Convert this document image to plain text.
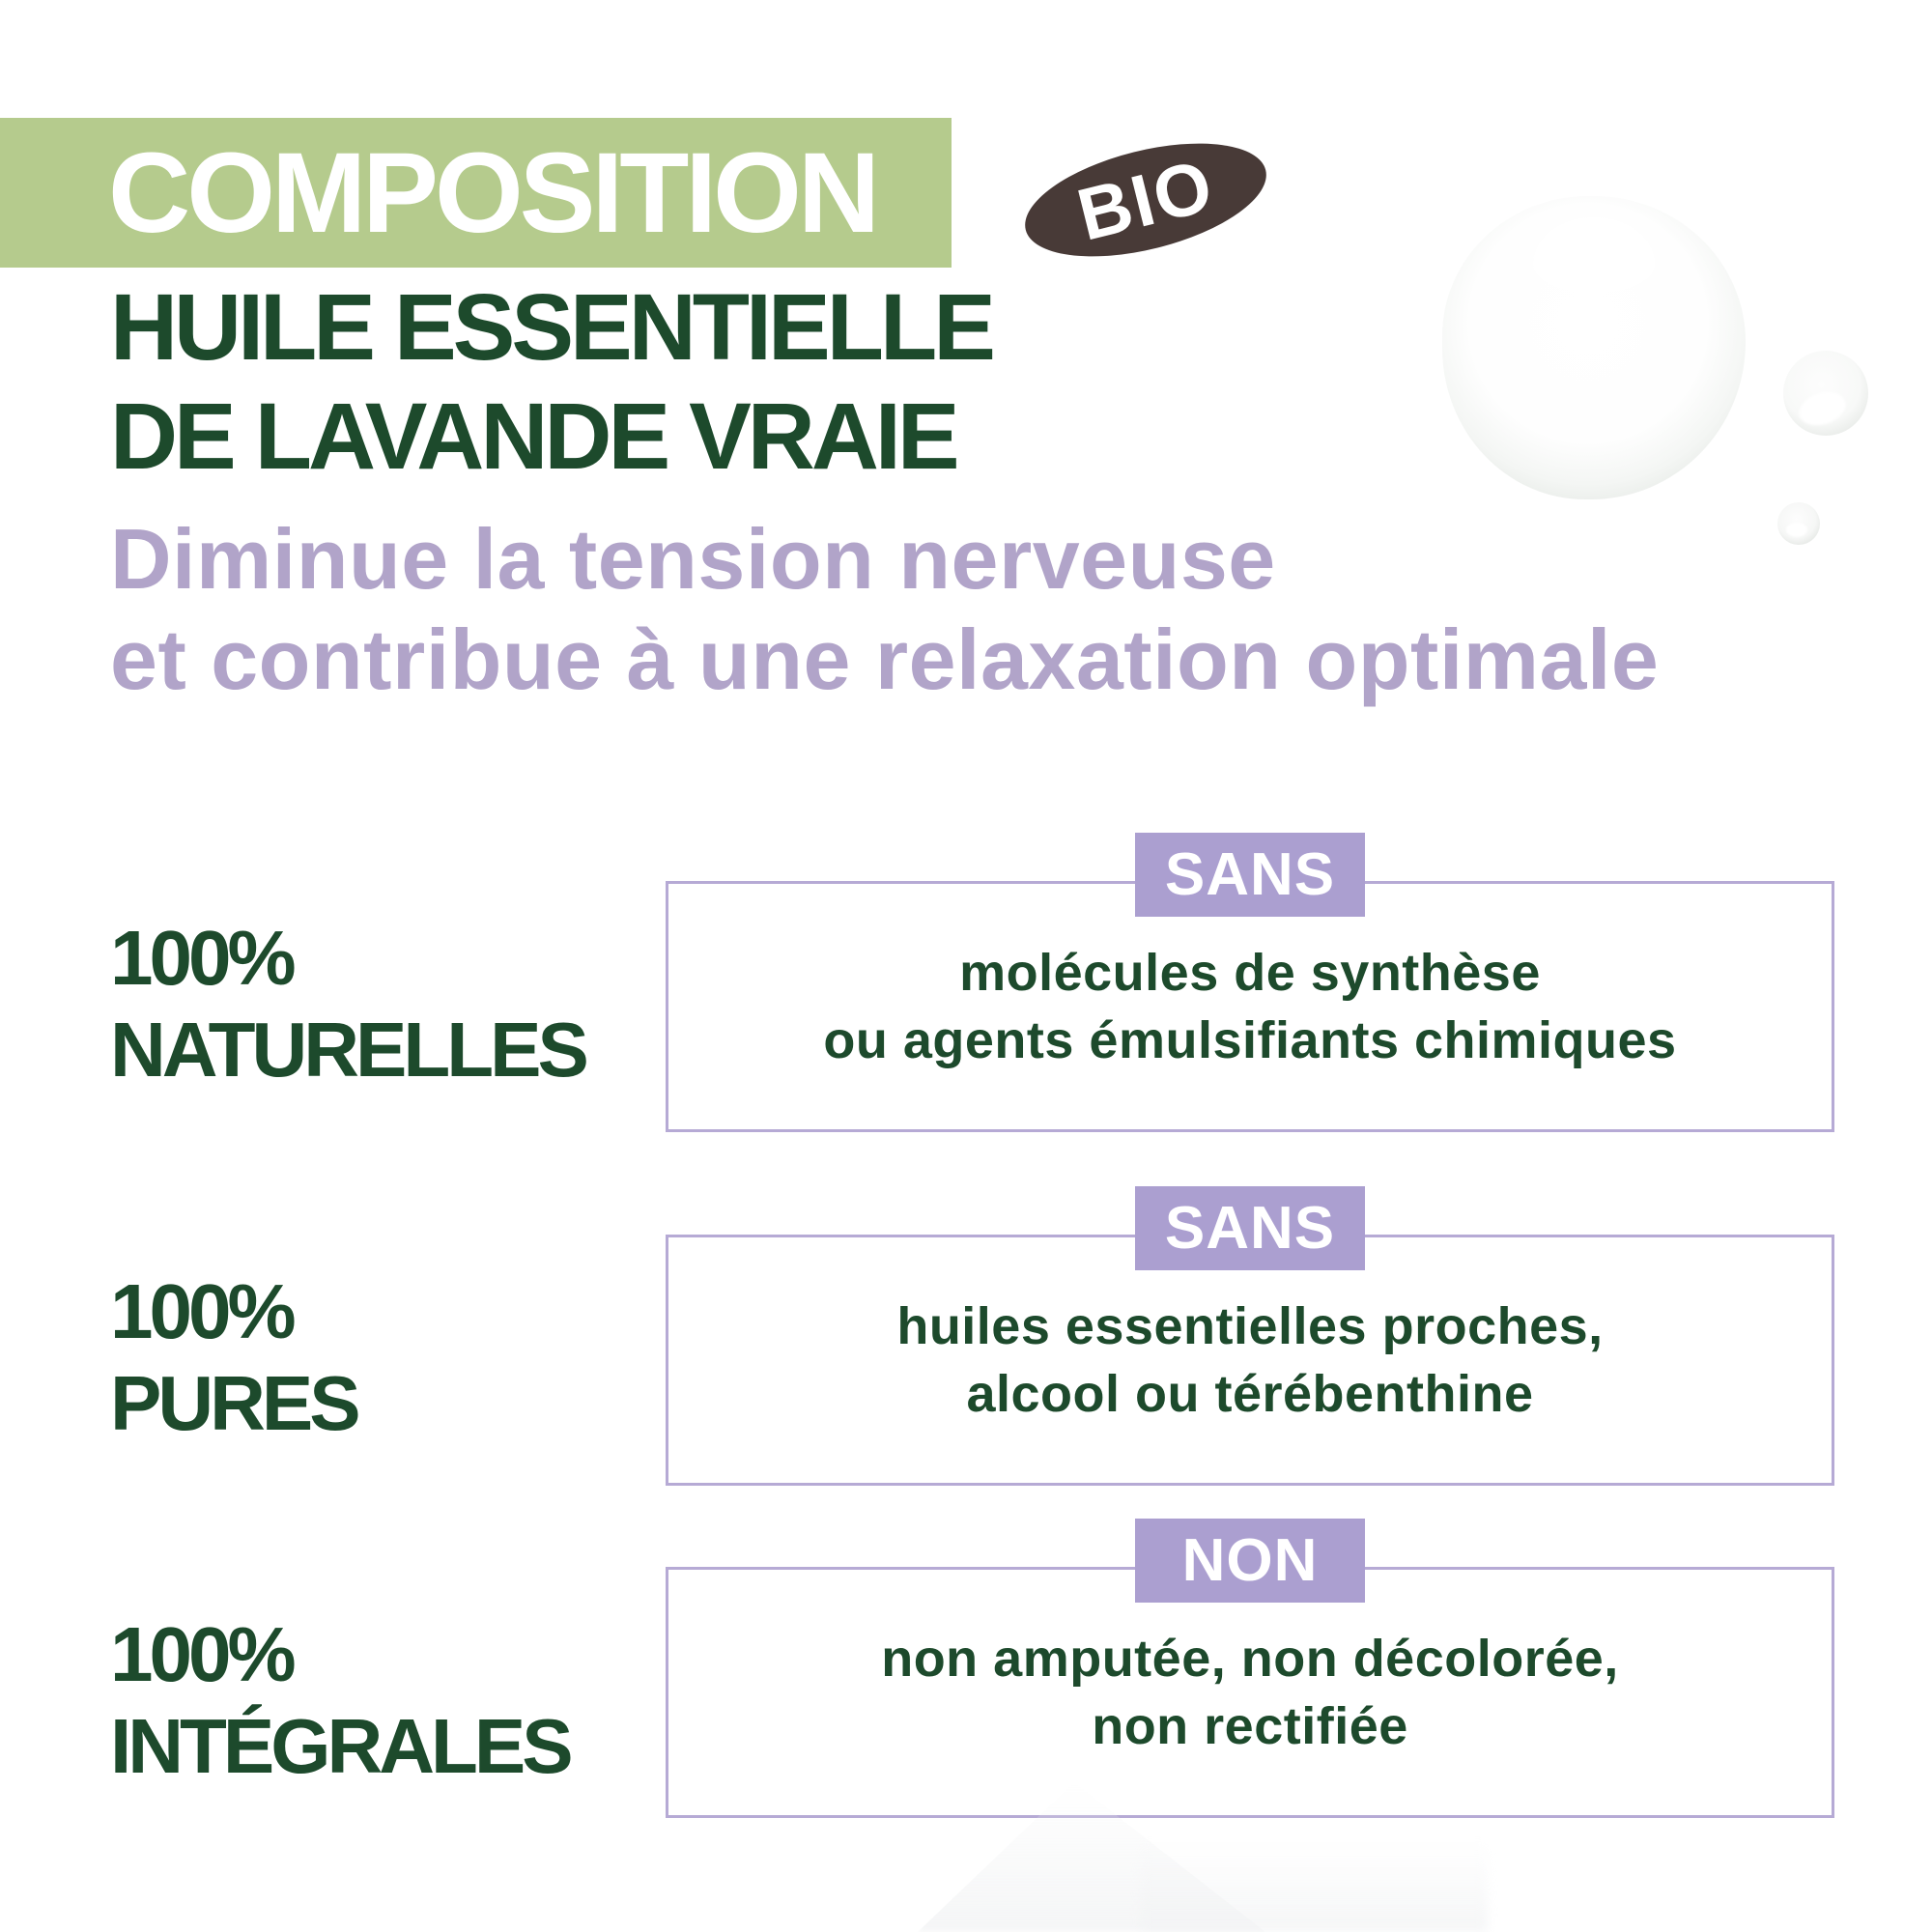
COMPOSITION	BIO
HUILE ESSENTIELLE
DE LAVANDE VRAIE
Diminue la tension nerveuse
et contribue à une relaxation optimale
100%
NATURELLES
SANS
molécules de synthèse
ou agents émulsifiants chimiques
100%
PURES
SANS
huiles essentielles proches,
alcool ou térébenthine
100%
INTÉGRALES
NON
non amputée, non décolorée,
non rectifiée
